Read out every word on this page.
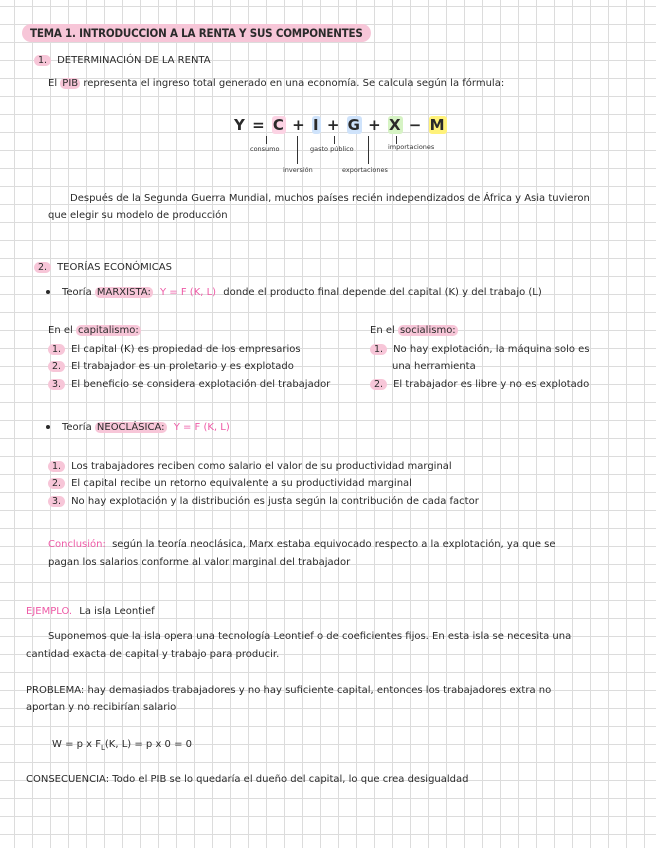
TEMA 1. INTRODUCCION A LA RENTA Y SUS COMPONENTES
1. DETERMINACIÓN DE LA RENTA
El PIB representa el ingreso total generado en una economía. Se calcula según la fórmula:
Y = C + I + G + X − M
consumo
inversión
gasto público
exportaciones
importaciones
Después de la Segunda Guerra Mundial, muchos países recién independizados de África y Asia tuvieron
que elegir su modelo de producción
2. TEORÍAS ECONÓMICAS
Teoría MARXISTA: Y = F (K, L) donde el producto final depende del capital (K) y del trabajo (L)
En el capitalismo:
1. El capital (K) es propiedad de los empresarios
2. El trabajador es un proletario y es explotado
3. El beneficio se considera explotación del trabajador
En el socialismo:
1. No hay explotación, la máquina solo es
una herramienta
2. El trabajador es libre y no es explotado
Teoría NEOCLÁSICA: Y = F (K, L)
1. Los trabajadores reciben como salario el valor de su productividad marginal
2. El capital recibe un retorno equivalente a su productividad marginal
3. No hay explotación y la distribución es justa según la contribución de cada factor
Conclusión: según la teoría neoclásica, Marx estaba equivocado respecto a la explotación, ya que se
pagan los salarios conforme al valor marginal del trabajador
EJEMPLO. La isla Leontief
Suponemos que la isla opera una tecnología Leontief o de coeficientes fijos. En esta isla se necesita una
cantidad exacta de capital y trabajo para producir.
PROBLEMA: hay demasiados trabajadores y no hay suficiente capital, entonces los trabajadores extra no
aportan y no recibirían salario
W = p x $F_L(K$, L) = p x 0 = 0
CONSECUENCIA: Todo el PIB se lo quedaría el dueño del capital, lo que crea desigualdad
